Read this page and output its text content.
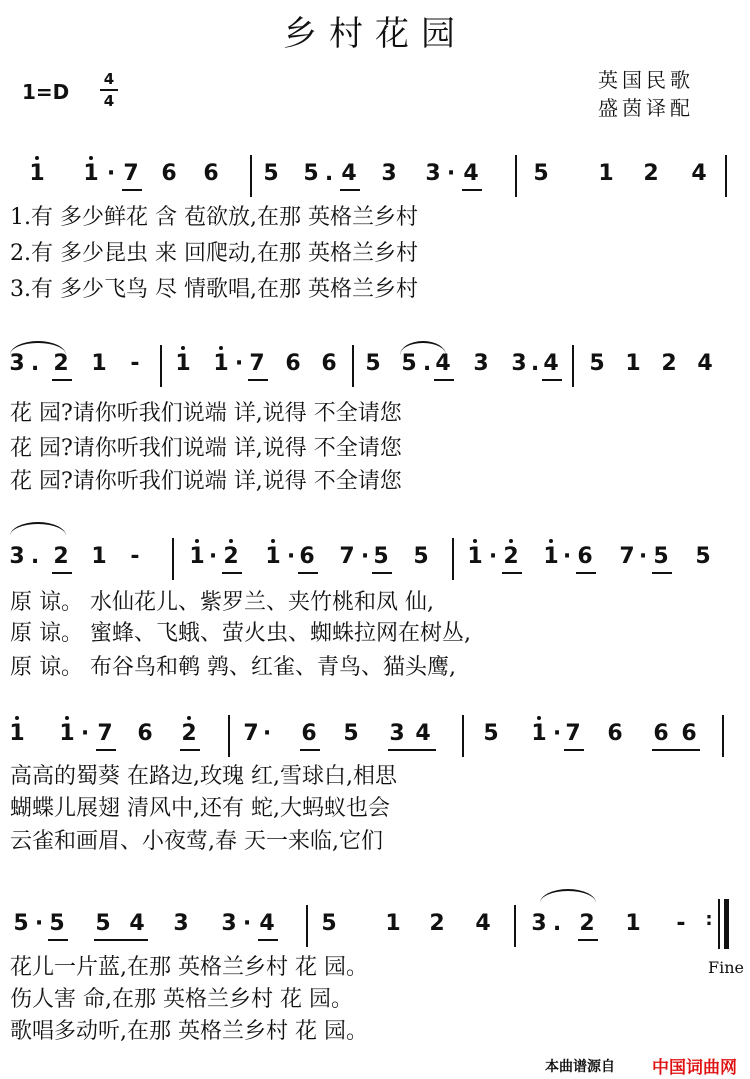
乡村花园
1=D
4
4
英国民歌
盛茵译配
1 1 · 7 6 6 5 5 . 4 3 3 · 4 5 1 2 4
1.有 多少鲜花 含 苞欲放,在那 英格兰乡村
2.有 多少昆虫 来 回爬动,在那 英格兰乡村
3.有 多少飞鸟 尽 情歌唱,在那 英格兰乡村
3 . 2 1 - 1 1 · 7 6 6 5 5 . 4 3 3 . 4 5 1 2 4
花 园?请你听我们说端 详,说得 不全请您
花 园?请你听我们说端 详,说得 不全请您
花 园?请你听我们说端 详,说得 不全请您
3 . 2 1 - 1 · 2 1 · 6 7 · 5 5 1 · 2 1 · 6 7 · 5 5
原 谅。 水仙花儿、紫罗兰、夹竹桃和凤 仙,
原 谅。 蜜蜂、飞蛾、萤火虫、蜘蛛拉网在树丛,
原 谅。 布谷鸟和鹌 鹑、红雀、青鸟、猫头鹰,
1 1 · 7 6 2 7 ·	6 5 3 4 5 1 · 7 6 6 6
高高的蜀葵 在路边,玫瑰 红,雪球白,相思
蝴蝶儿展翅 清风中,还有 蛇,大蚂蚁也会
云雀和画眉、小夜莺,春 天一来临,它们
5 · 5 5 4 3 3 · 4 5 1 2 4 3 . 2 1 -	:
花儿一片蓝,在那 英格兰乡村 花 园。
伤人害 命,在那 英格兰乡村 花 园。
歌唱多动听,在那 英格兰乡村 花 园。
Fine
本曲谱源自 中国词曲网
